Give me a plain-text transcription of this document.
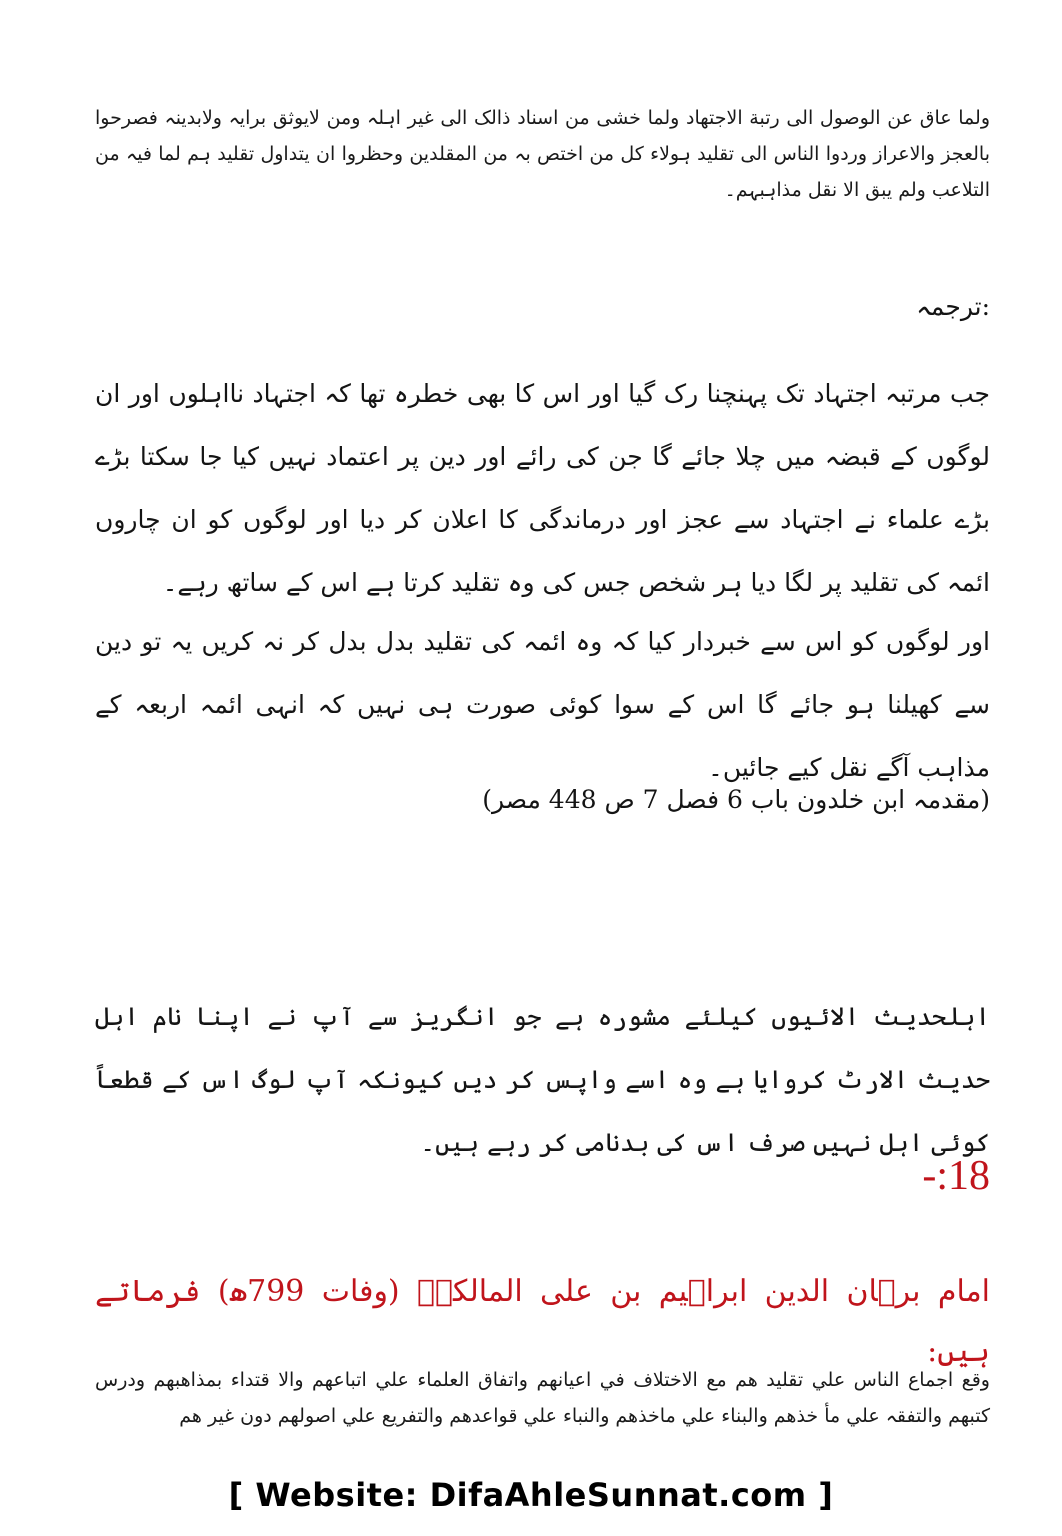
ولما عاق عن الوصول الى رتبة الاجتهاد ولما خشى من اسناد ذالک الى غير اہلہ ومن لايوثق برايہ ولابدينہ فصرحوا بالعجز والاعراز وردوا الناس الى تقليد ہولاء کل من اختص بہ من المقلدين وحظروا ان يتداول تقليد ہم لما فيہ من التلاعب ولم يبق الا نقل مذاہبہم۔

:ترجمہ

جب مرتبہ اجتہاد تک پہنچنا رک گیا اور اس کا بھی خطرہ تھا کہ اجتہاد نااہلوں اور ان لوگوں کے قبضہ میں چلا جائے گا جن کی رائے اور دین پر اعتماد نہیں کیا جا سکتا بڑے بڑے علماء نے اجتہاد سے عجز اور درماندگی کا اعلان کر دیا اور لوگوں کو ان چاروں ائمہ کی تقلید پر لگا دیا ہر شخص جس کی وہ تقلید کرتا ہے اس کے ساتھ رہے۔

اور لوگوں کو اس سے خبردار کیا کہ وہ ائمہ کی تقلید بدل بدل کر نہ کریں یہ تو دین سے کھیلنا ہو جائے گا اس کے سوا کوئی صورت ہی نہیں کہ انہی ائمہ اربعہ کے مذاہب آگے نقل کیے جائیں۔

(مقدمہ ابن خلدون باب 6 فصل 7 ص 448 مصر)

اہلحدیث الائیوں کیلئے مشورہ ہے جو انگریز سے آپ نے اپنا نام اہل حدیث الارٹ کروایا ہے وہ اسے واپس کر دیں کیونکہ آپ لوگ اس کے قطعاً کوئی اہل نہیں صرف اس کی بدنامی کر رہے ہیں۔

18:-

امام برہان الدین ابراہیم بن علی المالکیؒ (وفات 799ھ) فرماتے ہیں:

وقع اجماع الناس علي تقليد ھم مع الاختلاف في اعيانھم واتفاق العلماء علي اتباعھم والا قتداء بمذاھبھم ودرس کتبھم والتفقہ علي مأ خذھم والبناء علي ماخذھم والنباء علي قواعدھم والتفريع علي اصولھم دون غير ھم

[ Website: DifaAhleSunnat.com ]
